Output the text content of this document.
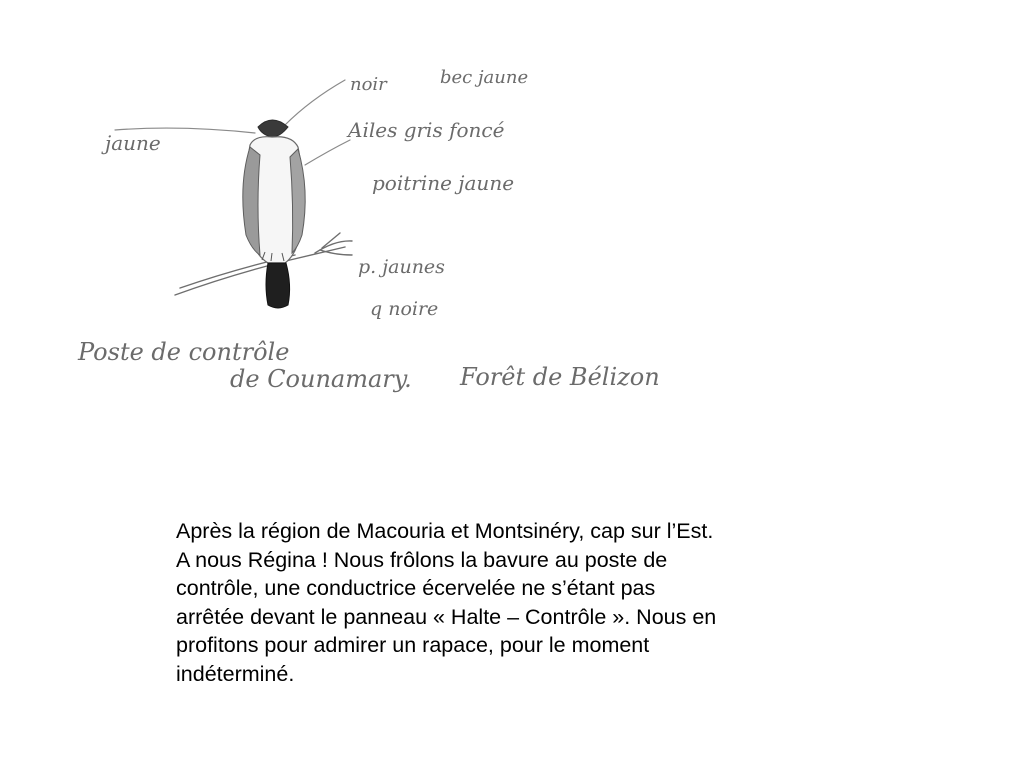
noir	bec jaune
jaune
Ailes gris foncé
poitrine jaune
p. jaunes
q noire
Poste de contrôle
de Counamary. Forêt de Bélizon

Après la région de Macouria et Montsinéry, cap sur l’Est. A nous Régina ! Nous frôlons la bavure au poste de contrôle, une conductrice écervelée ne s’étant pas arrêtée devant le panneau « Halte – Contrôle ». Nous en profitons pour admirer un rapace, pour le moment indéterminé.
